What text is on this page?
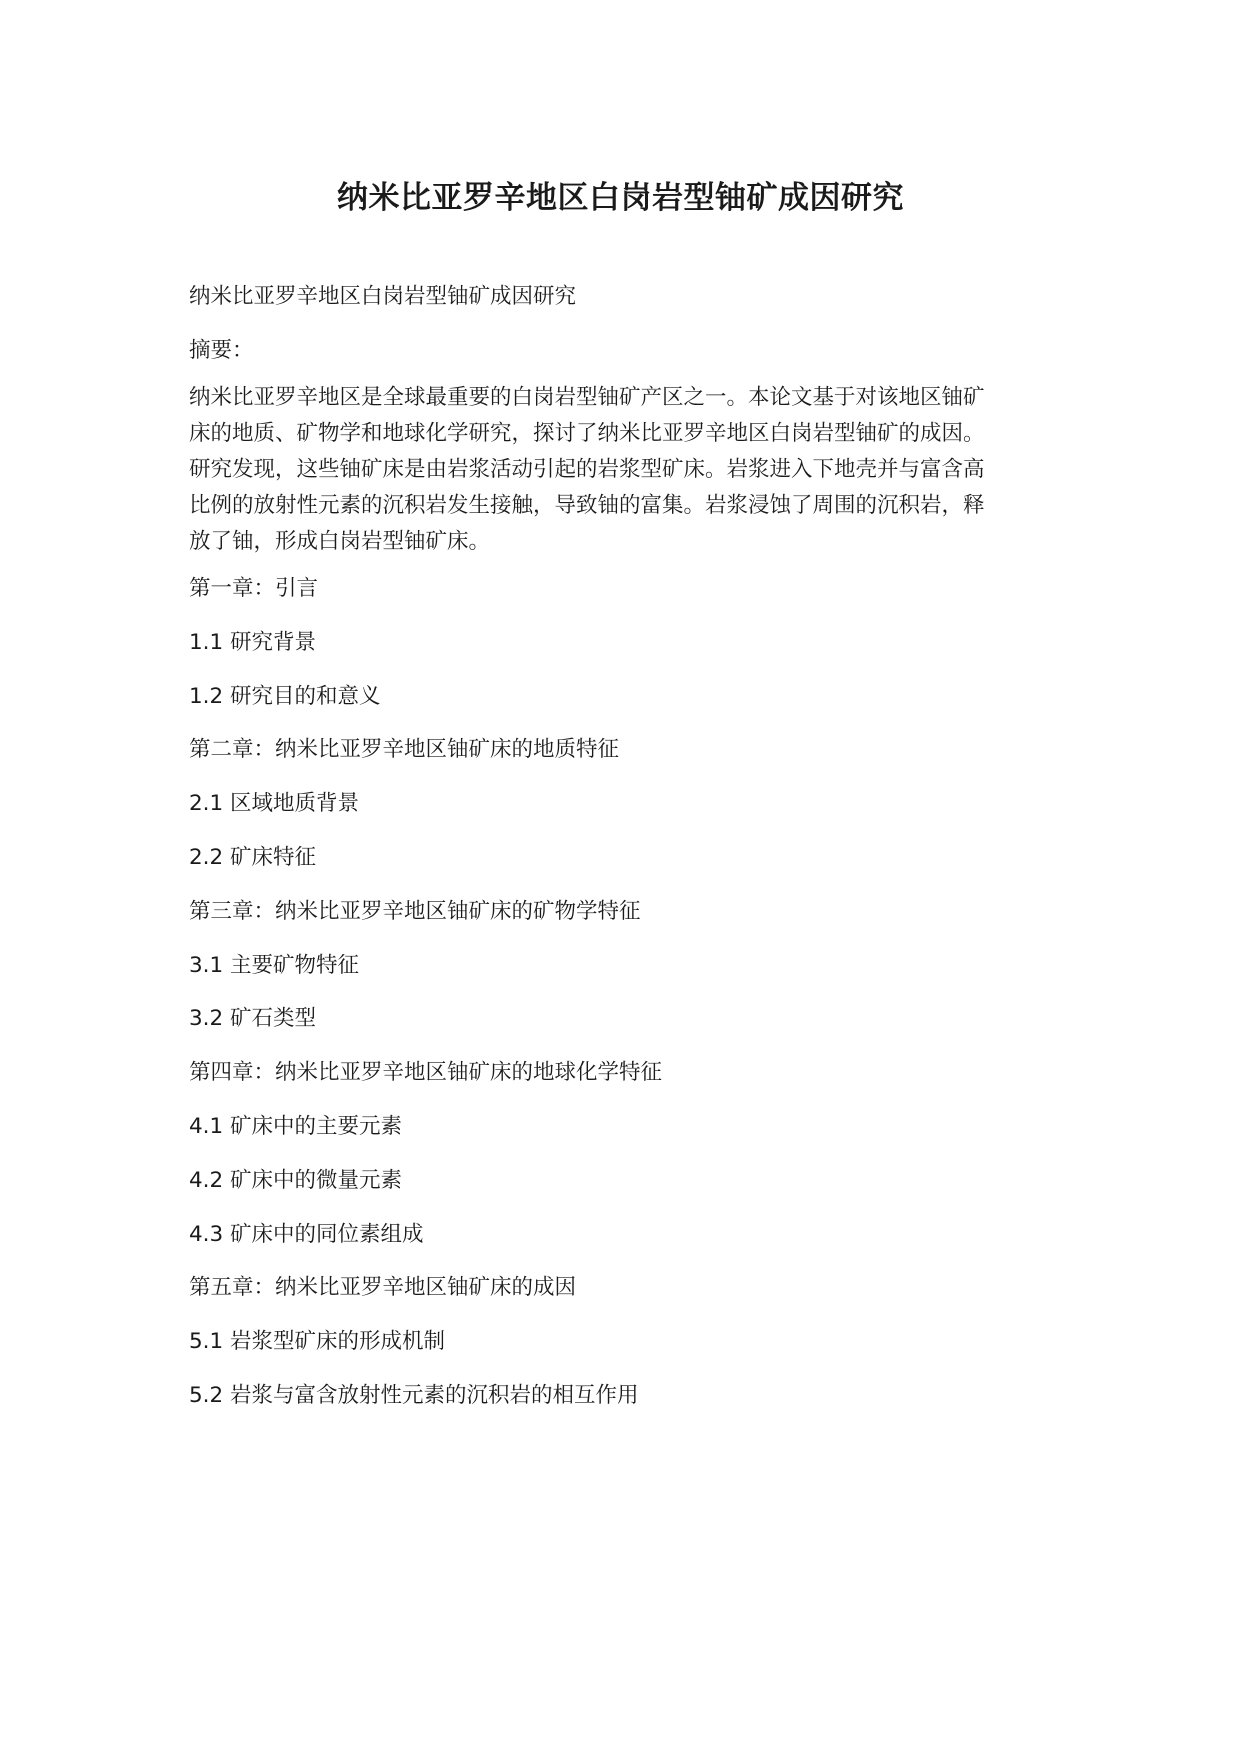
纳米比亚罗辛地区白岗岩型铀矿成因研究

纳米比亚罗辛地区白岗岩型铀矿成因研究

摘要：

纳米比亚罗辛地区是全球最重要的白岗岩型铀矿产区之一。本论文基于对该地区铀矿

床的地质、矿物学和地球化学研究，探讨了纳米比亚罗辛地区白岗岩型铀矿的成因。

研究发现，这些铀矿床是由岩浆活动引起的岩浆型矿床。岩浆进入下地壳并与富含高

比例的放射性元素的沉积岩发生接触，导致铀的富集。岩浆浸蚀了周围的沉积岩，释

放了铀，形成白岗岩型铀矿床。

第一章：引言

1.1 研究背景

1.2 研究目的和意义

第二章：纳米比亚罗辛地区铀矿床的地质特征

2.1 区域地质背景

2.2 矿床特征

第三章：纳米比亚罗辛地区铀矿床的矿物学特征

3.1 主要矿物特征

3.2 矿石类型

第四章：纳米比亚罗辛地区铀矿床的地球化学特征

4.1 矿床中的主要元素

4.2 矿床中的微量元素

4.3 矿床中的同位素组成

第五章：纳米比亚罗辛地区铀矿床的成因

5.1 岩浆型矿床的形成机制

5.2 岩浆与富含放射性元素的沉积岩的相互作用
